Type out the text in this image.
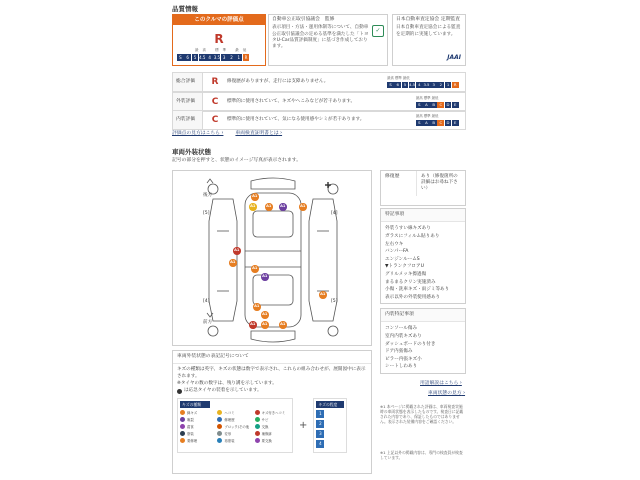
品質情報
このクルマの評価点
R
最高 標準 最低
S	6	5 4.5 4 3.5 3	2	1	R
自動車公正取引協議会　監修
表示項目・方法・運用体制等について、自動車公正取引協議会の定める基準を満たした「トヨタU-Car品質評価制度」に基づき作成しております。
✓
日本自動車査定協会 定期監査
日本自動車査定協会による監査を定期的に実施しています。
JAAI
総合評価	R	修復歴がありますが、走行には支障ありません。
最高 標準 最低
S	6	5 4.5 4 3.5 3	2	1	R
外装評価	C	標準的に使用されていて、キズやへこみなどが若干あります。
最高 標準 最低
S	A	B	C	D	E
内装評価	C	標準的に使用されていて、気になる使用感やシミが若干あります。
最高 標準 最低
S	A	B	C	D	E
評価点の見方はこちら ›	車両検査証明書とは ›
車両外装状態
記号の部分を押すと、状態のイメージ写真が表示されます。
後方
前方
[5]	[4]
[4]	[5]
A1
A1	A1	A1	A1
A1
A1
A1
A1
A1
A1
A1
A1	A1	A1
車両外装状態の表記記号について
キズの種類は英字、キズの状態は数字で表示され、これらの組み合わせが、展開図中に表示されます。
※タイヤの数の数字は、残り溝を示しています。
は応急タイヤの装着を示しています。
キズの種類
線キズ	ヘコミ	キズ付きヘコミ
亀裂	修理歴	サビ
腐食	ブロック/その他	交換
塗装	変形	補修跡
要修理	再塗装	要交換
+
キズの程度
1
2
3
4
修復歴	あり（修復箇所の詳細はお尋ね下さい）
特記事項
外装うすい線キズあり
ガラスにフィルム貼りあり
左右ウキ
バンパーFA
エンジンルームS
▼トランクフロアU
グリルメッキ擦過傷
まるまるクリン実施済み
小傷・洗車キズ・雨ジミ等あり
表示以外の外装使用感あり
内装特記事項
コンソール傷み
室内内装キズあり
ダッシュボードのり付き
ドア内張傷み
ピラー内張キズ小
シートしわあり
用語解説はこちら ›
車両状態の見方 ›
※1 本ページに掲載された評価は、車両検査実施時の車両状態を表示したものです。検査日に記載された内容であり、保証したものではありません。表示された装備内容をご確認ください。
※1 上記以外の掲載内容は、専門の検査員が検査しています。
